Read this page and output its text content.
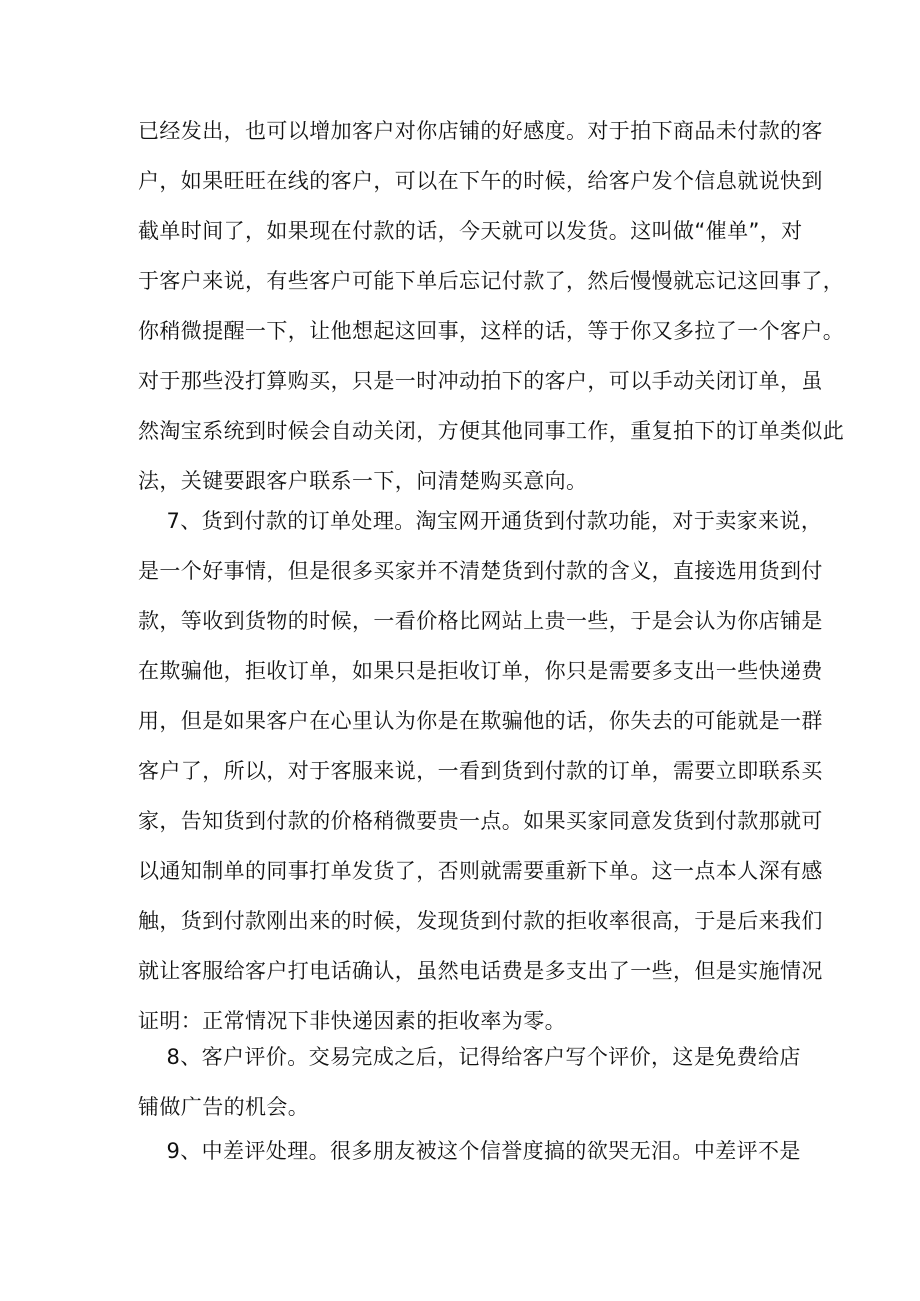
已经发出，也可以增加客户对你店铺的好感度。对于拍下商品未付款的客
户，如果旺旺在线的客户，可以在下午的时候，给客户发个信息就说快到
截单时间了，如果现在付款的话，今天就可以发货。这叫做“催单”，对
于客户来说，有些客户可能下单后忘记付款了，然后慢慢就忘记这回事了，
你稍微提醒一下，让他想起这回事，这样的话，等于你又多拉了一个客户。
对于那些没打算购买，只是一时冲动拍下的客户，可以手动关闭订单，虽
然淘宝系统到时候会自动关闭，方便其他同事工作，重复拍下的订单类似此
法，关键要跟客户联系一下，问清楚购买意向。
　 7、货到付款的订单处理。淘宝网开通货到付款功能，对于卖家来说，
是一个好事情，但是很多买家并不清楚货到付款的含义，直接选用货到付
款，等收到货物的时候，一看价格比网站上贵一些，于是会认为你店铺是
在欺骗他，拒收订单，如果只是拒收订单，你只是需要多支出一些快递费
用，但是如果客户在心里认为你是在欺骗他的话，你失去的可能就是一群
客户了，所以，对于客服来说，一看到货到付款的订单，需要立即联系买
家，告知货到付款的价格稍微要贵一点。如果买家同意发货到付款那就可
以通知制单的同事打单发货了，否则就需要重新下单。这一点本人深有感
触，货到付款刚出来的时候，发现货到付款的拒收率很高，于是后来我们
就让客服给客户打电话确认，虽然电话费是多支出了一些，但是实施情况
证明：正常情况下非快递因素的拒收率为零。
　 8、客户评价。交易完成之后，记得给客户写个评价，这是免费给店
铺做广告的机会。
　 9、中差评处理。很多朋友被这个信誉度搞的欲哭无泪。中差评不是
